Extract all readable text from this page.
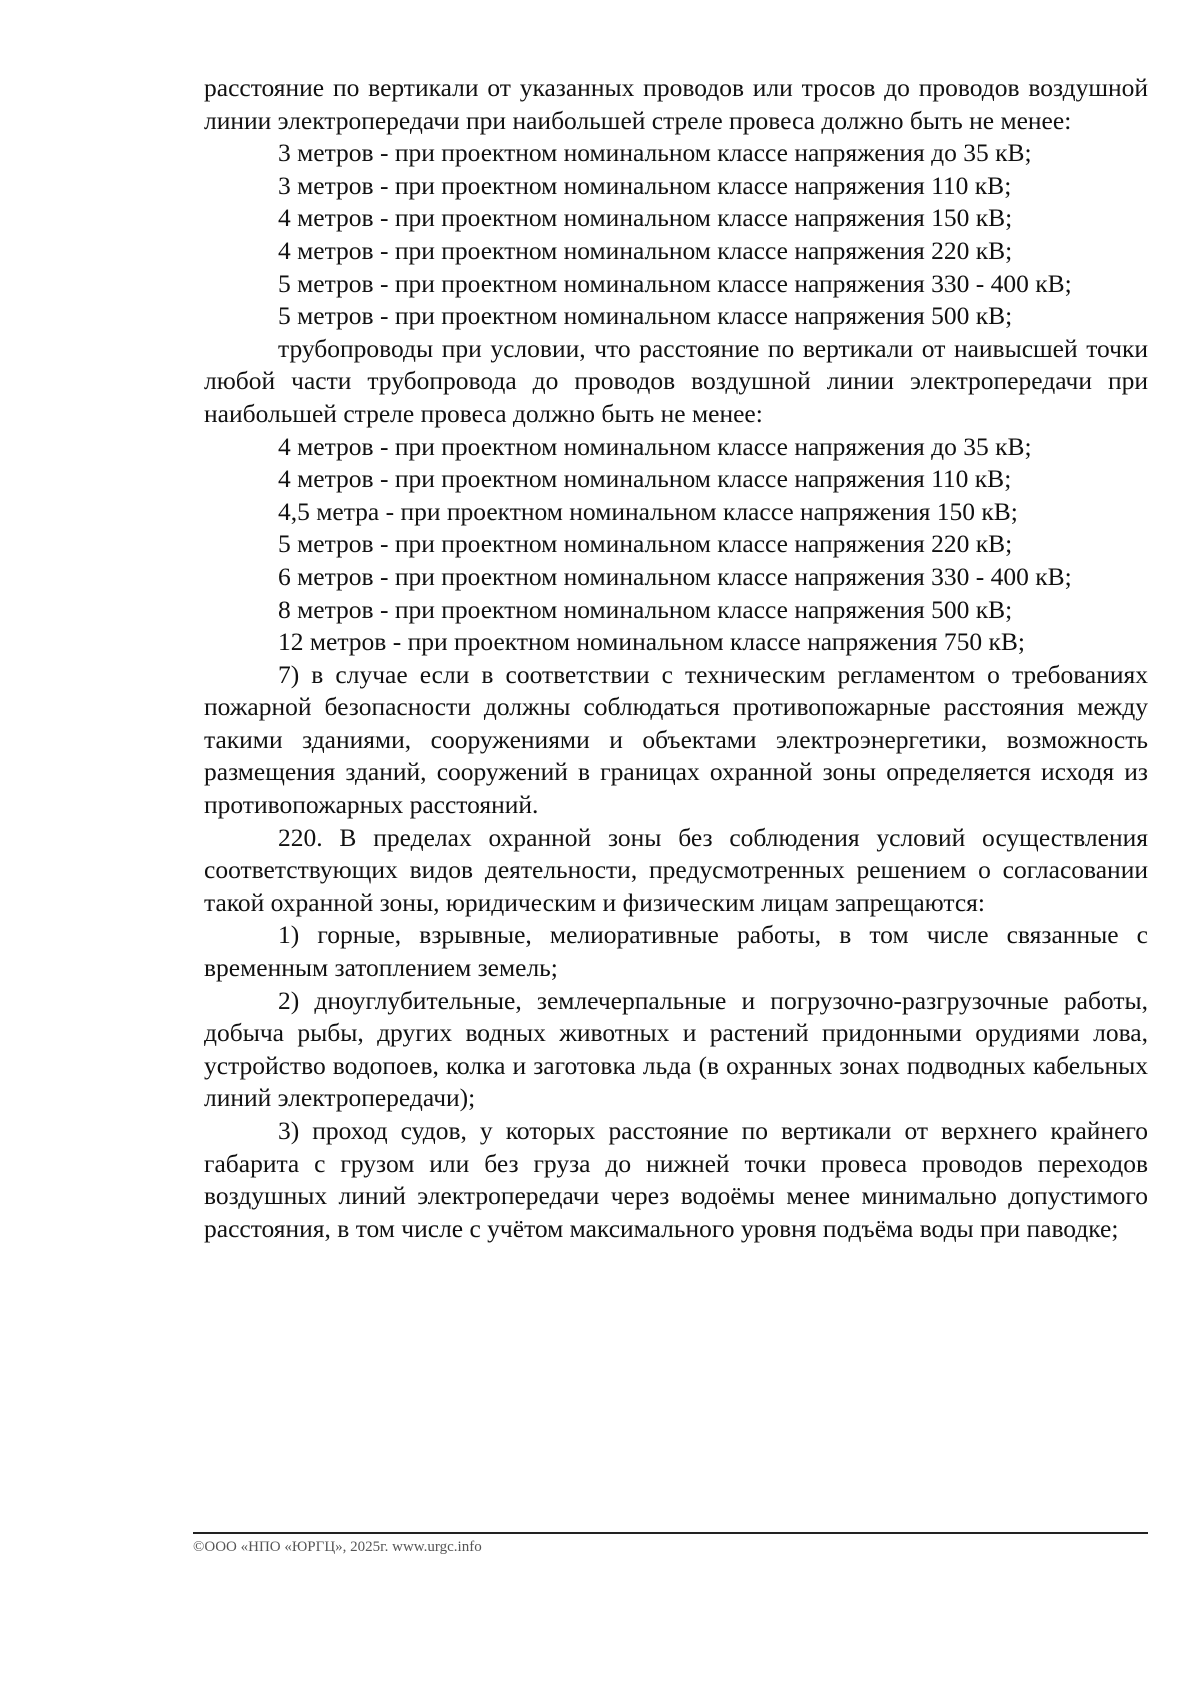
расстояние по вертикали от указанных проводов или тросов до проводов воздушной линии электропередачи при наибольшей стреле провеса должно быть не менее:

3 метров - при проектном номинальном классе напряжения до 35 кВ;

3 метров - при проектном номинальном классе напряжения 110 кВ;

4 метров - при проектном номинальном классе напряжения 150 кВ;

4 метров - при проектном номинальном классе напряжения 220 кВ;

5 метров - при проектном номинальном классе напряжения 330 - 400 кВ;

5 метров - при проектном номинальном классе напряжения 500 кВ;

трубопроводы при условии, что расстояние по вертикали от наивысшей точки любой части трубопровода до проводов воздушной линии электропередачи при наибольшей стреле провеса должно быть не менее:

4 метров - при проектном номинальном классе напряжения до 35 кВ;

4 метров - при проектном номинальном классе напряжения 110 кВ;

4,5 метра - при проектном номинальном классе напряжения 150 кВ;

5 метров - при проектном номинальном классе напряжения 220 кВ;

6 метров - при проектном номинальном классе напряжения 330 - 400 кВ;

8 метров - при проектном номинальном классе напряжения 500 кВ;

12 метров - при проектном номинальном классе напряжения 750 кВ;

7) в случае если в соответствии с техническим регламентом о требованиях пожарной безопасности должны соблюдаться противопожарные расстояния между такими зданиями, сооружениями и объектами электроэнергетики, возможность размещения зданий, сооружений в границах охранной зоны определяется исходя из противопожарных расстояний.

220. В пределах охранной зоны без соблюдения условий осуществления соответствующих видов деятельности, предусмотренных решением о согласовании такой охранной зоны, юридическим и физическим лицам запрещаются:

1) горные, взрывные, мелиоративные работы, в том числе связанные с временным затоплением земель;

2) дноуглубительные, землечерпальные и погрузочно-разгрузочные работы, добыча рыбы, других водных животных и растений придонными орудиями лова, устройство водопоев, колка и заготовка льда (в охранных зонах подводных кабельных линий электропередачи);

3) проход судов, у которых расстояние по вертикали от верхнего крайнего габарита с грузом или без груза до нижней точки провеса проводов переходов воздушных линий электропередачи через водоёмы менее минимально допустимого расстояния, в том числе с учётом максимального уровня подъёма воды при паводке;

©ООО «НПО «ЮРГЦ», 2025г. www.urgc.info
